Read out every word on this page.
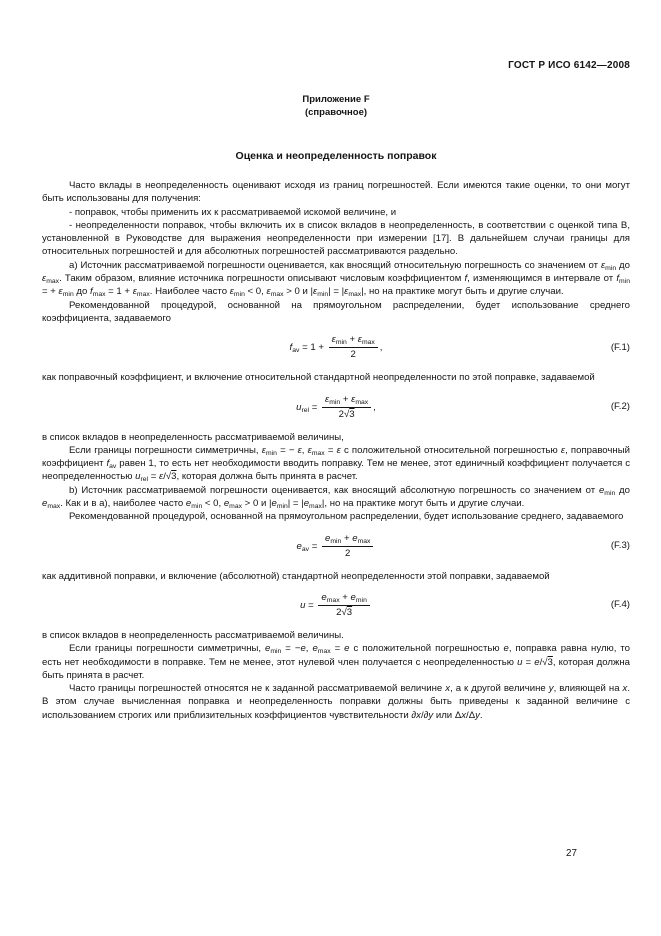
ГОСТ Р ИСО 6142—2008
Приложение F
(справочное)
Оценка и неопределенность поправок

Часто вклады в неопределенность оценивают исходя из границ погрешностей. Если имеются такие оценки, то они могут быть использованы для получения:

- поправок, чтобы применить их к рассматриваемой искомой величине, и

- неопределенности поправок, чтобы включить их в список вкладов в неопределенность, в соответствии с оценкой типа В, установленной в Руководстве для выражения неопределенности при измерении [17]. В дальнейшем случаи границы для относительных погрешностей и для абсолютных погрешностей рассматриваются раздельно.

а) Источник рассматриваемой погрешности оценивается, как вносящий относительную погрешность со значением от $\varepsilon_{min}$ до $\varepsilon_{max}$. Таким образом, влияние источника погрешности описывают числовым коэффициентом f, изменяющимся в интервале от $f_{min}$ = + $\varepsilon_{min}$ до $f_{max} = 1 + \varepsilon_{max}$. Наиболее часто $\varepsilon_{min} < 0$, $\varepsilon_{max} > 0$ и $|\varepsilon_{min}| = |\varepsilon_{max}|$, но на практике могут быть и другие случаи.

Рекомендованной процедурой, основанной на прямоугольном распределении, будет использование среднего коэффициента, задаваемого

$f_{av} = 1 + \frac{\varepsilon_{min} + \varepsilon_{max}}{2}$ ,	(F.1)

как поправочный коэффициент, и включение относительной стандартной неопределенности по этой поправке, задаваемой

$u_{rel} = \frac{\varepsilon_{min} + \varepsilon_{max}}{2√3}$ ,	(F.2)

в список вкладов в неопределенность рассматриваемой величины,

Если границы погрешности симметричны, $\varepsilon_{min}$ = − ε, $\varepsilon_{max} = \varepsilon$ с положительной относительной погрешностью ε, поправочный коэффициент $f_{av}$ равен 1, то есть нет необходимости вводить поправку. Тем не менее, этот единичный коэффициент получается с неопределенностью $u_{rel} = \varepsilon/√3$, которая должна быть принята в расчет.

b) Источник рассматриваемой погрешности оценивается, как вносящий абсолютную погрешность со значением от $e_{min}$ до $e_{max}$. Как и в а), наиболее часто $e_{min} < 0$, $e_{max} > 0$ и $|e_{min}| = |e_{max}|$, но на практике могут быть и другие случаи.

Рекомендованной процедурой, основанной на прямоугольном распределении, будет использование среднего, задаваемого

$e_{av} = \frac{e_{min} + e_{max}}{2}$	(F.3)

как аддитивной поправки, и включение (абсолютной) стандартной неопределенности этой поправки, задаваемой

$u = \frac{e_{max} + e_{min}}{2√3}$	(F.4)

в список вкладов в неопределенность рассматриваемой величины.

Если границы погрешности симметричны, $e_{min} = -e$, $e_{max} = e$ с положительной погрешностью e, поправка равна нулю, то есть нет необходимости в поправке. Тем не менее, этот нулевой член получается с неопределенностью u = e/√3, которая должна быть принята в расчет.

Часто границы погрешностей относятся не к заданной рассматриваемой величине x, а к другой величине y, влияющей на x. В этом случае вычисленная поправка и неопределенность поправки должны быть приведены к заданной величине с использованием строгих или приблизительных коэффициентов чувствительности ∂x/∂y или Δx/Δy.

27
